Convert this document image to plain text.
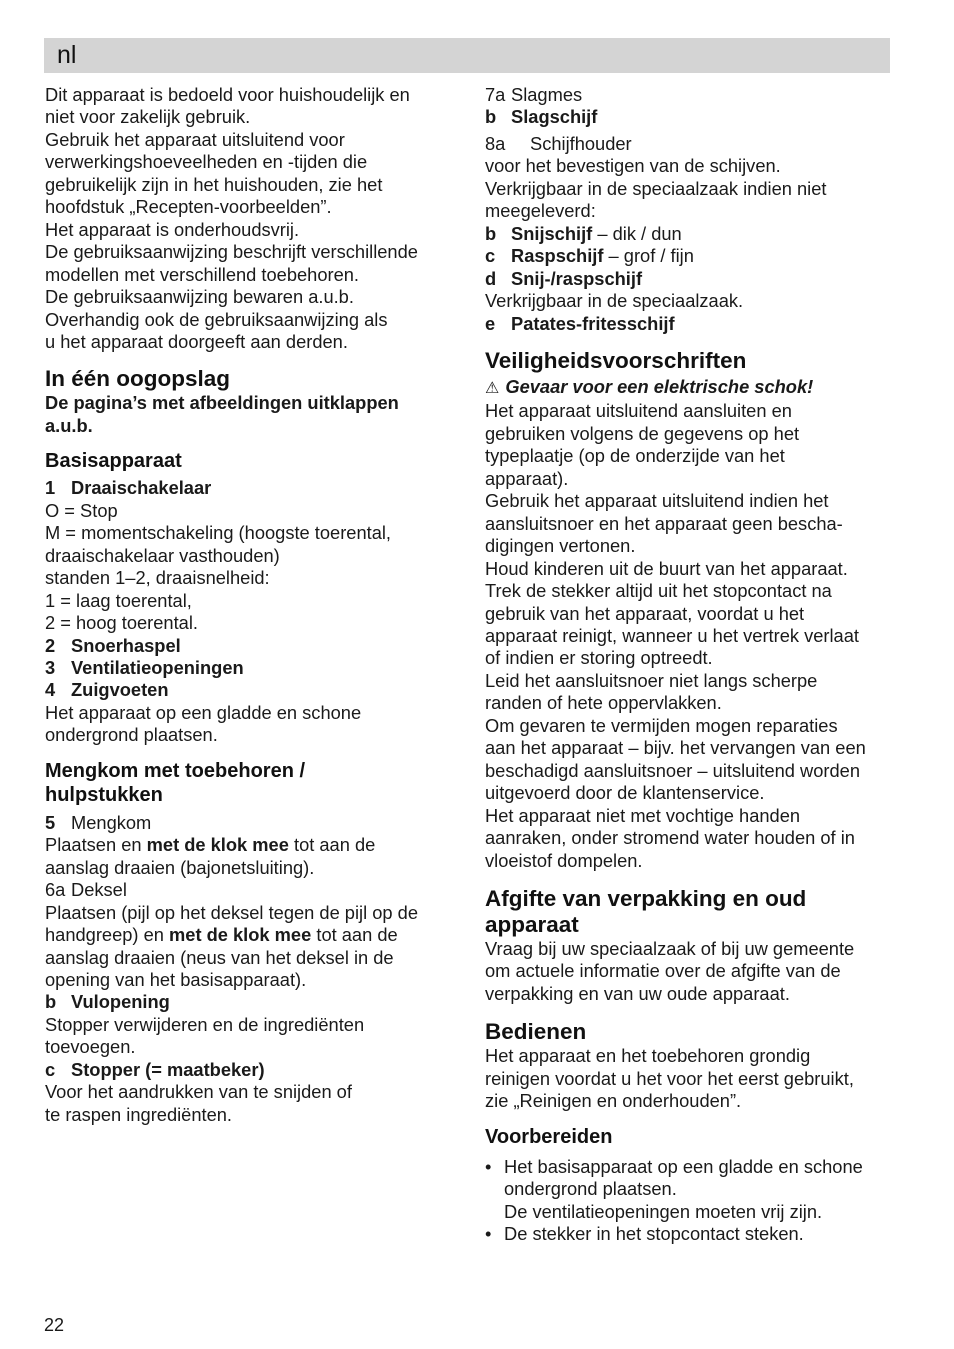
nl

Dit apparaat is bedoeld voor huishoudelijk en

niet voor zakelijk gebruik.

Gebruik het apparaat uitsluitend voor

verwerkingshoeveelheden en -tijden die

gebruikelijk zijn in het huishouden, zie het

hoofdstuk „Recepten-voorbeelden”.

Het apparaat is onderhoudsvrij.

De gebruiksaanwijzing beschrijft verschillende

modellen met verschillend toebehoren.

De gebruiksaanwijzing bewaren a.u.b.

Overhandig ook de gebruiksaanwijzing als

u het apparaat doorgeeft aan derden.

In één oogopslag

De pagina’s met afbeeldingen uitklappen

a.u.b.

Basisapparaat

1 Draaischakelaar

O = Stop

M = momentschakeling (hoogste toerental,

draaischakelaar vasthouden)

standen 1–2, draaisnelheid:

1 = laag toerental,

2 = hoog toerental.

2 Snoerhaspel

3 Ventilatieopeningen

4 Zuigvoeten

Het apparaat op een gladde en schone

ondergrond plaatsen.

Mengkom met toebehoren /
hulpstukken

5 Mengkom

Plaatsen en met de klok mee tot aan de

aanslag draaien (bajonetsluiting).

6a Deksel

Plaatsen (pijl op het deksel tegen de pijl op de

handgreep) en met de klok mee tot aan de

aanslag draaien (neus van het deksel in de

opening van het basisapparaat).

b Vulopening

Stopper verwijderen en de ingrediënten

toevoegen.

c Stopper (= maatbeker)

Voor het aandrukken van te snijden of

te raspen ingrediënten.

7a Slagmes

b Slagschijf

8a Schijfhouder

voor het bevestigen van de schijven.

Verkrijgbaar in de speciaalzaak indien niet

meegeleverd:

b Snijschijf – dik / dun

c Raspschijf – grof / fijn

d Snij-/raspschijf

Verkrijgbaar in de speciaalzaak.

e Patates-fritesschijf

Veiligheidsvoorschriften

⚠ Gevaar voor een elektrische schok!

Het apparaat uitsluitend aansluiten en

gebruiken volgens de gegevens op het

typeplaatje (op de onderzijde van het

apparaat).

Gebruik het apparaat uitsluitend indien het

aansluitsnoer en het apparaat geen bescha-

digingen vertonen.

Houd kinderen uit de buurt van het apparaat.

Trek de stekker altijd uit het stopcontact na

gebruik van het apparaat, voordat u het

apparaat reinigt, wanneer u het vertrek verlaat

of indien er storing optreedt.

Leid het aansluitsnoer niet langs scherpe

randen of hete oppervlakken.

Om gevaren te vermijden mogen reparaties

aan het apparaat – bijv. het vervangen van een

beschadigd aansluitsnoer – uitsluitend worden

uitgevoerd door de klantenservice.

Het apparaat niet met vochtige handen

aanraken, onder stromend water houden of in

vloeistof dompelen.

Afgifte van verpakking en oud
apparaat

Vraag bij uw speciaalzaak of bij uw gemeente

om actuele informatie over de afgifte van de

verpakking en van uw oude apparaat.

Bedienen

Het apparaat en het toebehoren grondig

reinigen voordat u het voor het eerst gebruikt,

zie „Reinigen en onderhouden”.

Voorbereiden
• Het basisapparaat op een gladde en schone
ondergrond plaatsen.
De ventilatieopeningen moeten vrij zijn.
• De stekker in het stopcontact steken.
22
